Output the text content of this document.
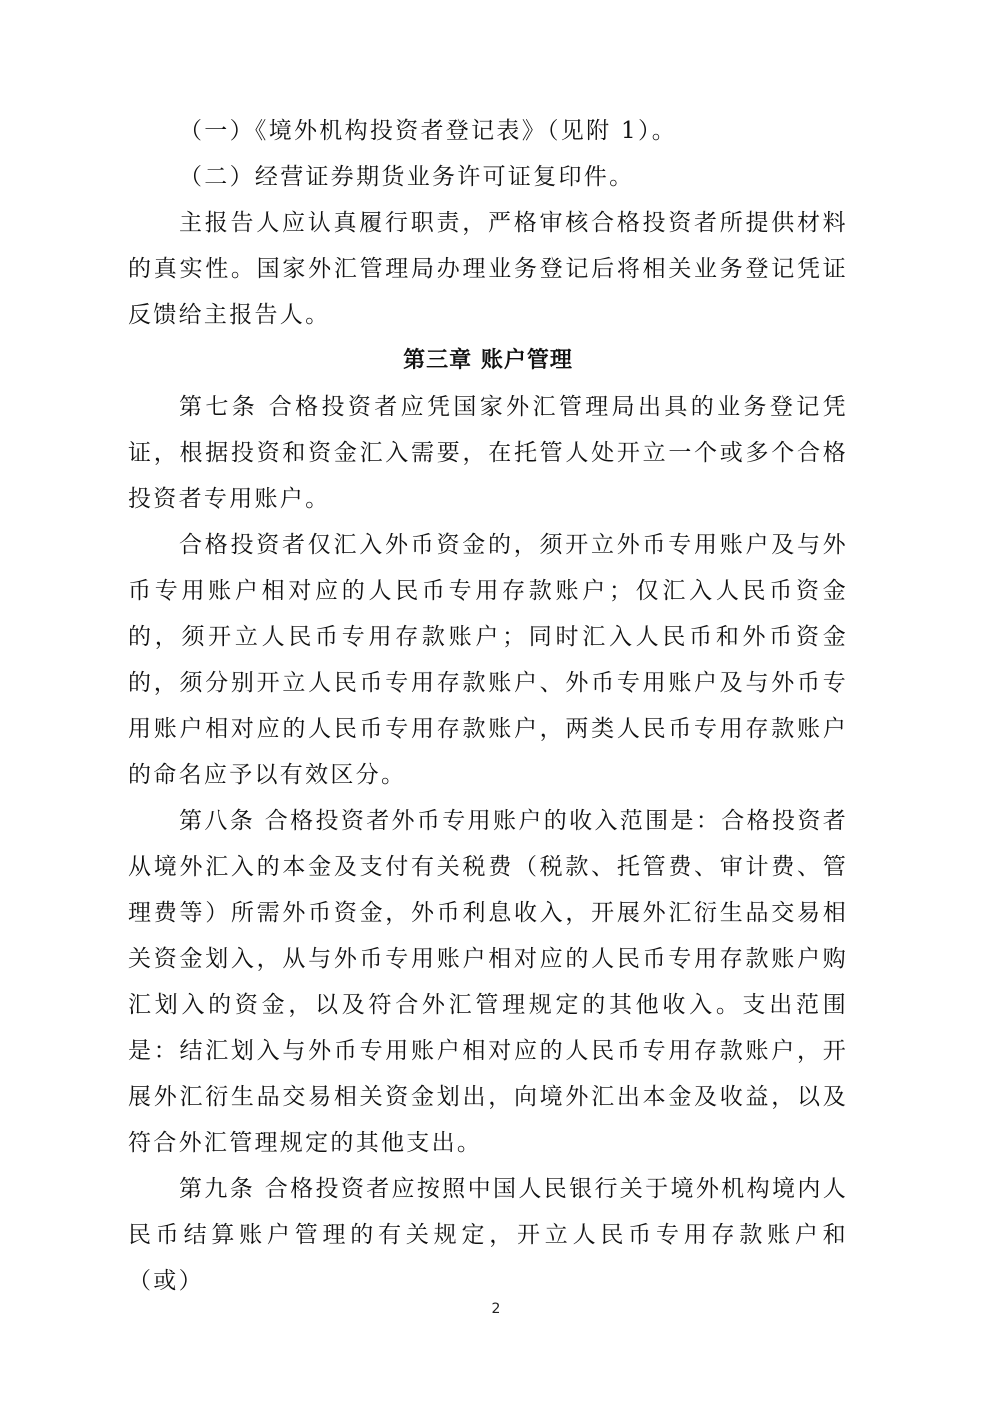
（一）《境外机构投资者登记表》（见附 1）。

（二）经营证券期货业务许可证复印件。

主报告人应认真履行职责，严格审核合格投资者所提供材料的真实性。国家外汇管理局办理业务登记后将相关业务登记凭证反馈给主报告人。

第三章 账户管理

第七条 合格投资者应凭国家外汇管理局出具的业务登记凭证，根据投资和资金汇入需要，在托管人处开立一个或多个合格投资者专用账户。

合格投资者仅汇入外币资金的，须开立外币专用账户及与外币专用账户相对应的人民币专用存款账户；仅汇入人民币资金的，须开立人民币专用存款账户；同时汇入人民币和外币资金的，须分别开立人民币专用存款账户、外币专用账户及与外币专用账户相对应的人民币专用存款账户，两类人民币专用存款账户的命名应予以有效区分。

第八条 合格投资者外币专用账户的收入范围是：合格投资者从境外汇入的本金及支付有关税费（税款、托管费、审计费、管理费等）所需外币资金，外币利息收入，开展外汇衍生品交易相关资金划入，从与外币专用账户相对应的人民币专用存款账户购汇划入的资金，以及符合外汇管理规定的其他收入。支出范围是：结汇划入与外币专用账户相对应的人民币专用存款账户，开展外汇衍生品交易相关资金划出，向境外汇出本金及收益，以及符合外汇管理规定的其他支出。

第九条 合格投资者应按照中国人民银行关于境外机构境内人民币结算账户管理的有关规定，开立人民币专用存款账户和（或）

2
